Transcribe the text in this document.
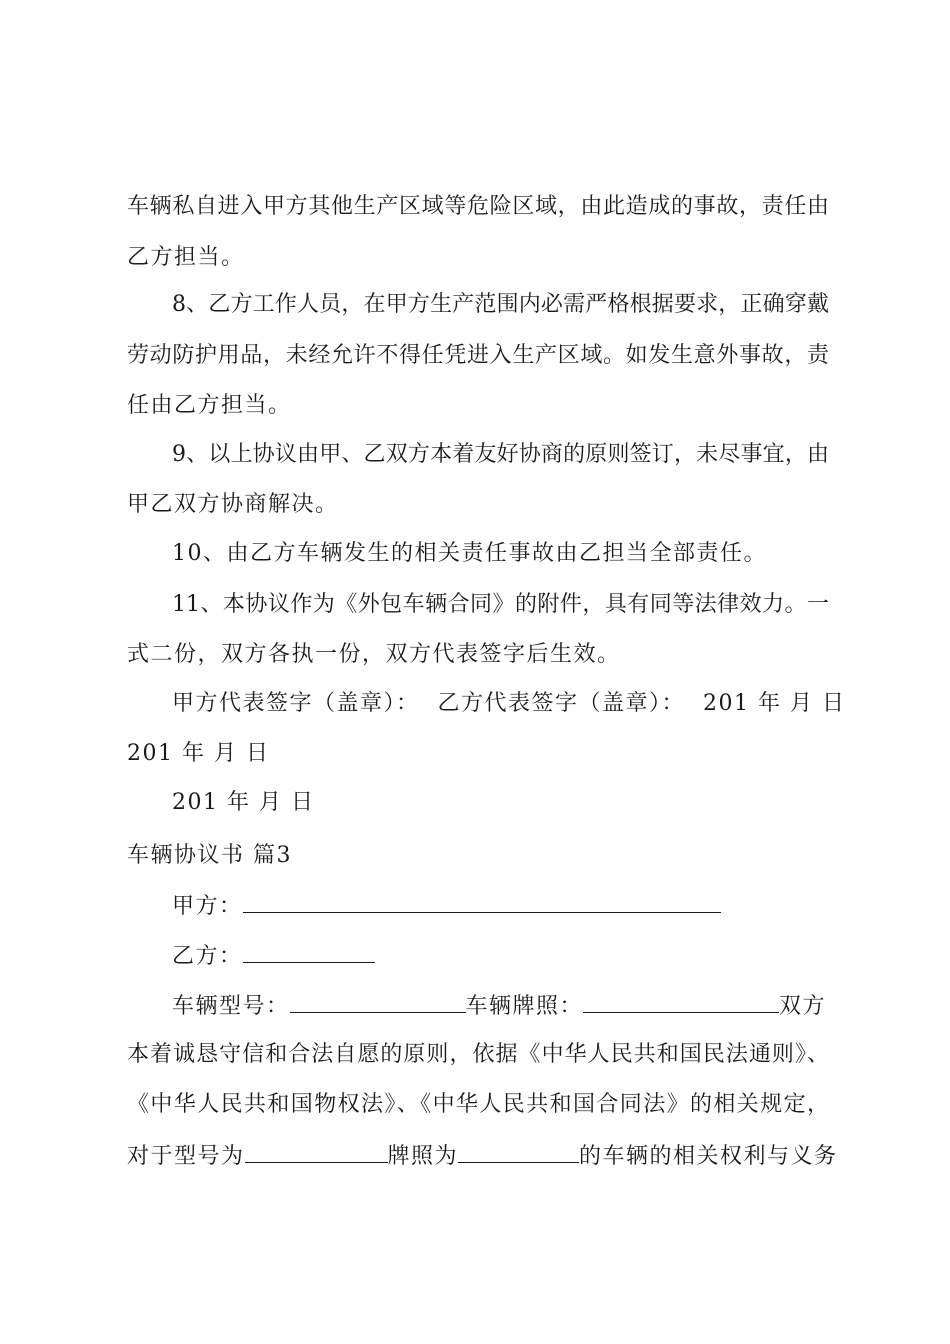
车辆私自进入甲方其他生产区域等危险区域，由此造成的事故，责任由
乙方担当。
8、乙方工作人员，在甲方生产范围内必需严格根据要求，正确穿戴
劳动防护用品，未经允许不得任凭进入生产区域。如发生意外事故，责
任由乙方担当。
9、以上协议由甲、乙双方本着友好协商的原则签订，未尽事宜，由
甲乙双方协商解决。
10、由乙方车辆发生的相关责任事故由乙担当全部责任。
11、本协议作为《外包车辆合同》的附件，具有同等法律效力。一
式二份，双方各执一份，双方代表签字后生效。
甲方代表签字（盖章）： 乙方代表签字（盖章）： 201 年 月 日
201 年 月 日
201 年 月 日
车辆协议书 篇3
甲方：
乙方：
车辆型号：	车辆牌照：	双方
本着诚恳守信和合法自愿的原则，依据《中华人民共和国民法通则》、
《中华人民共和国物权法》、《中华人民共和国合同法》的相关规定，
对于型号为	牌照为	的车辆的相关权利与义务
